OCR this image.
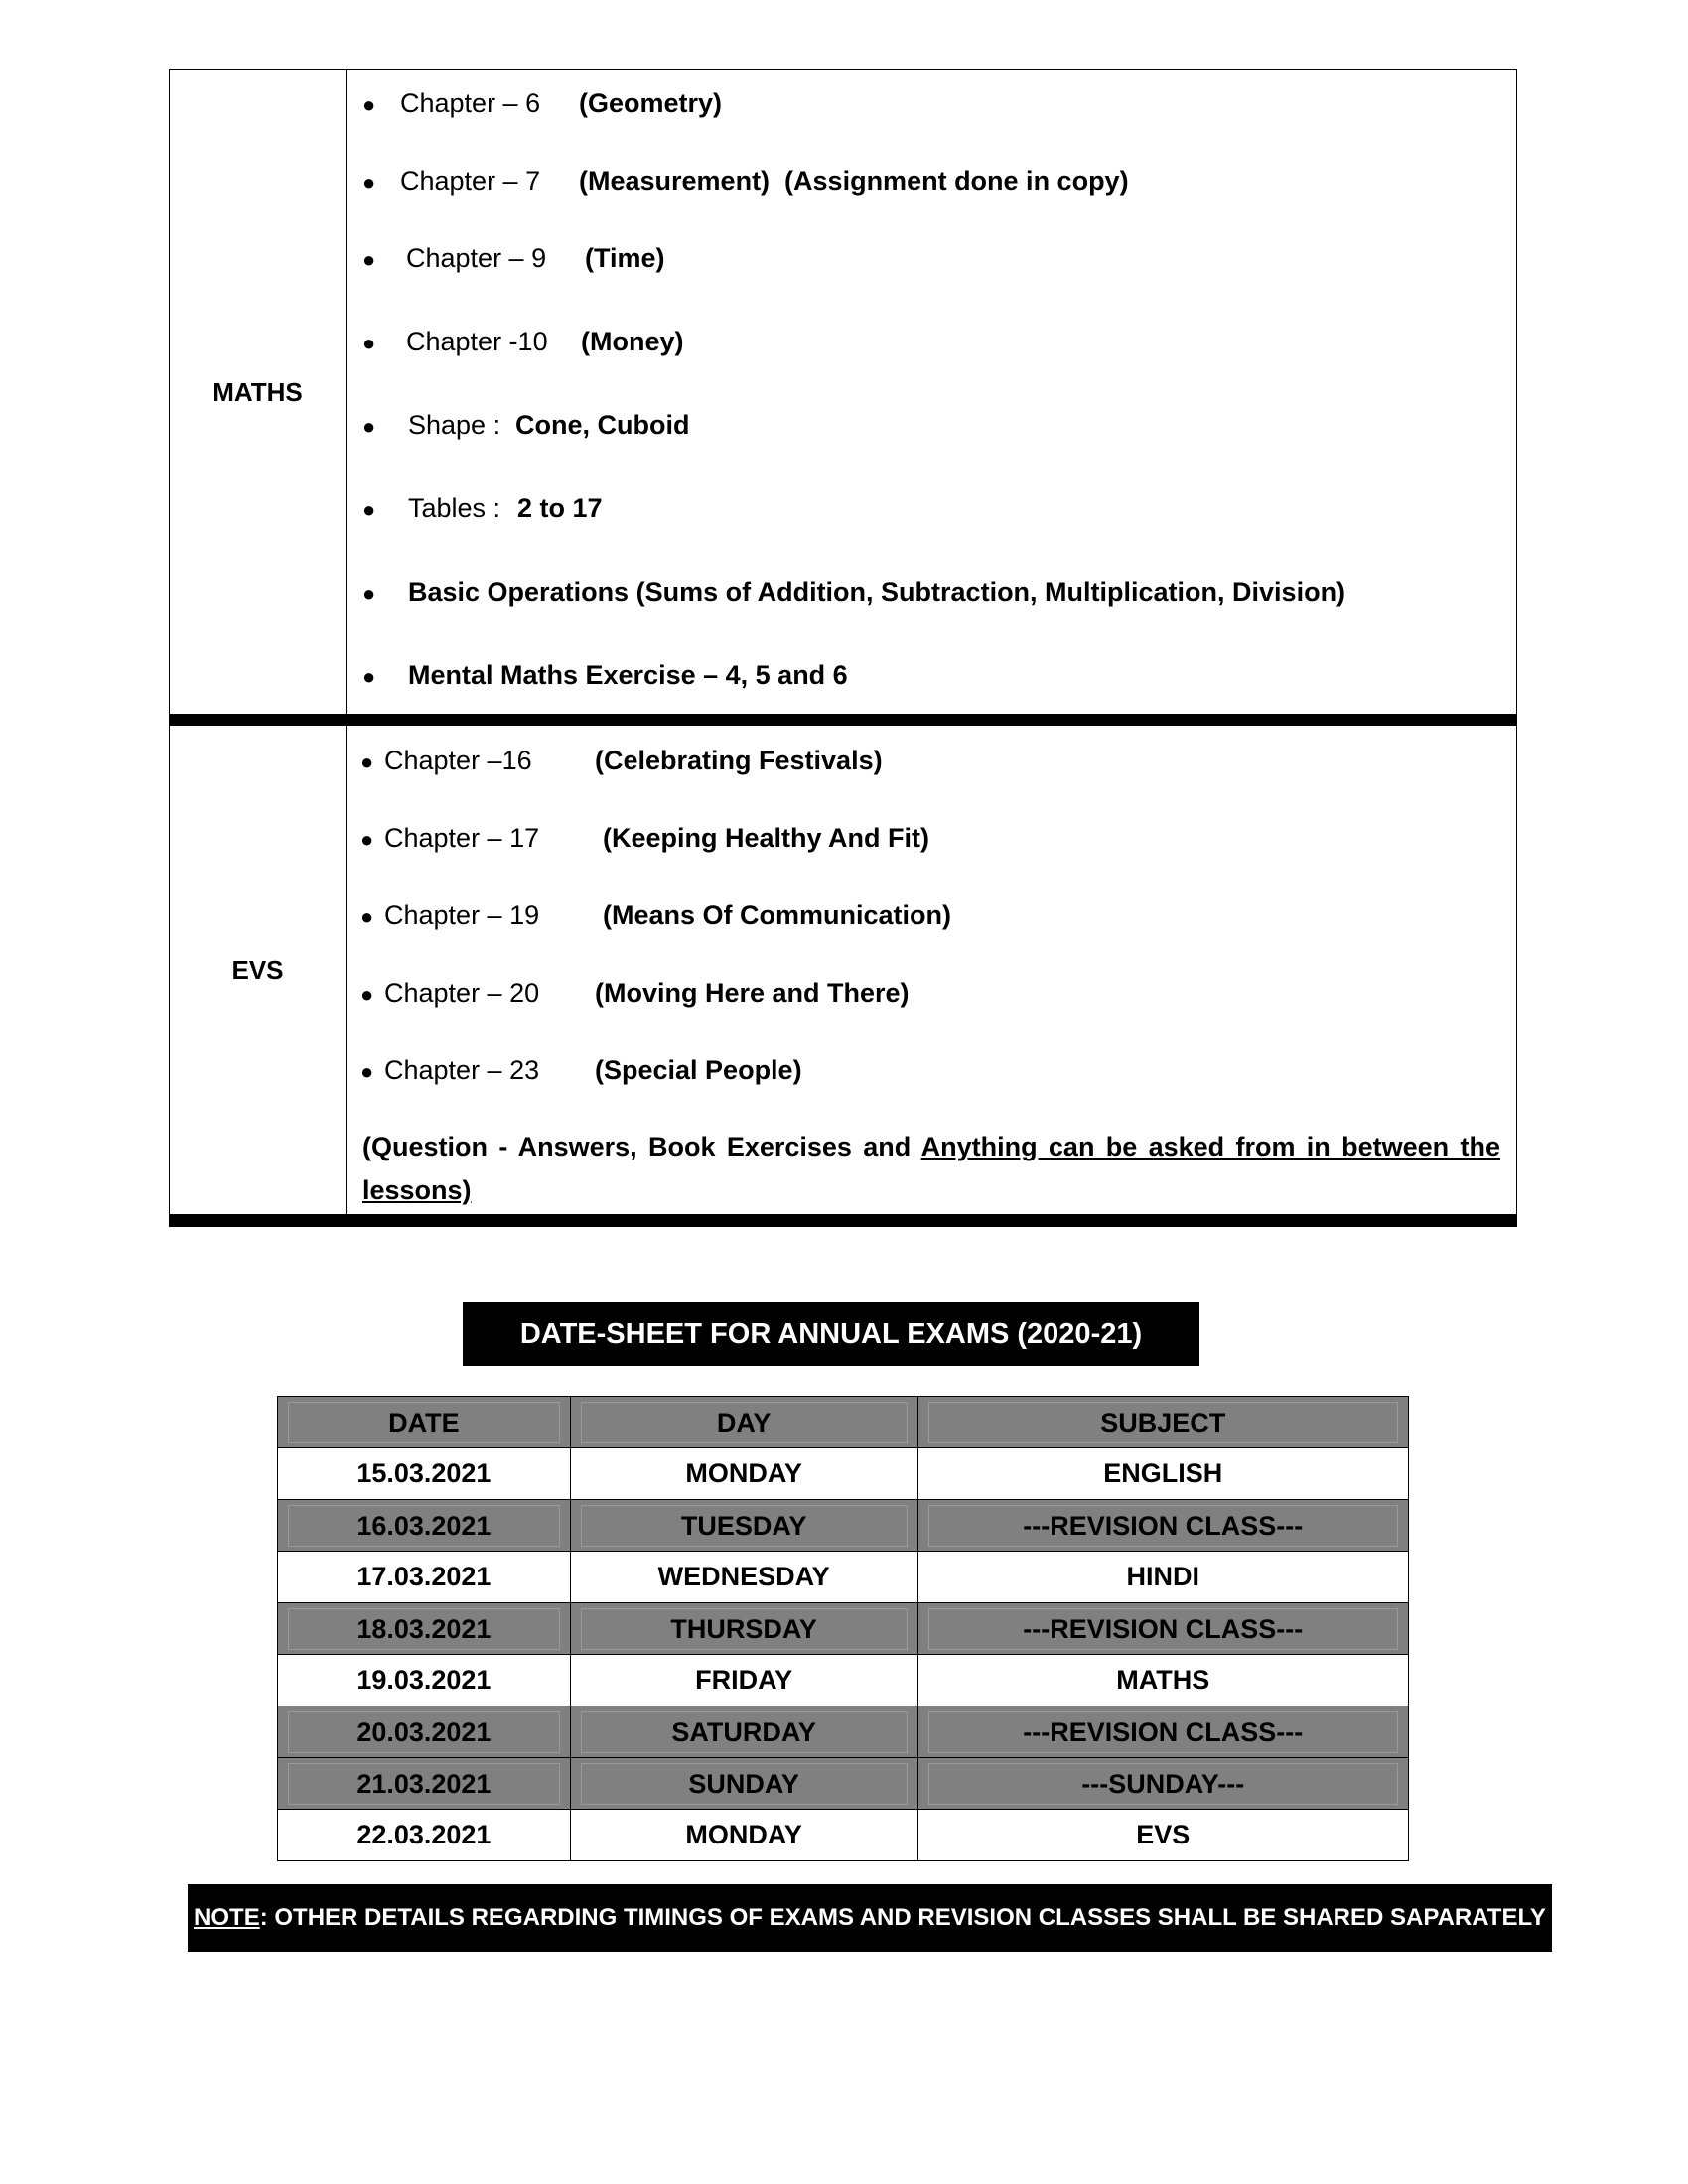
MATHS
● Chapter – 6 (Geometry)
● Chapter – 7 (Measurement)  (Assignment done in copy)
● Chapter – 9 (Time)
● Chapter -10 (Money)
● Shape : Cone, Cuboid
● Tables : 2 to 17
● Basic Operations (Sums of Addition, Subtraction, Multiplication, Division)
● Mental Maths Exercise – 4, 5 and 6
EVS
● Chapter –16 (Celebrating Festivals)
● Chapter – 17 (Keeping Healthy And Fit)
● Chapter – 19 (Means Of Communication)
● Chapter – 20 (Moving Here and There)
● Chapter – 23 (Special People)
(Question - Answers, Book Exercises and Anything can be asked from in between the lessons)
DATE-SHEET FOR ANNUAL EXAMS (2020-21)
DATE	DAY	SUBJECT

15.03.2021	MONDAY	ENGLISH

16.03.2021	TUESDAY	---REVISION CLASS---

17.03.2021	WEDNESDAY	HINDI

18.03.2021	THURSDAY	---REVISION CLASS---

19.03.2021	FRIDAY	MATHS

20.03.2021	SATURDAY	---REVISION CLASS---

21.03.2021	SUNDAY	---SUNDAY---

22.03.2021	MONDAY	EVS
NOTE : OTHER DETAILS REGARDING TIMINGS OF EXAMS AND REVISION CLASSES SHALL BE SHARED SAPARATELY
